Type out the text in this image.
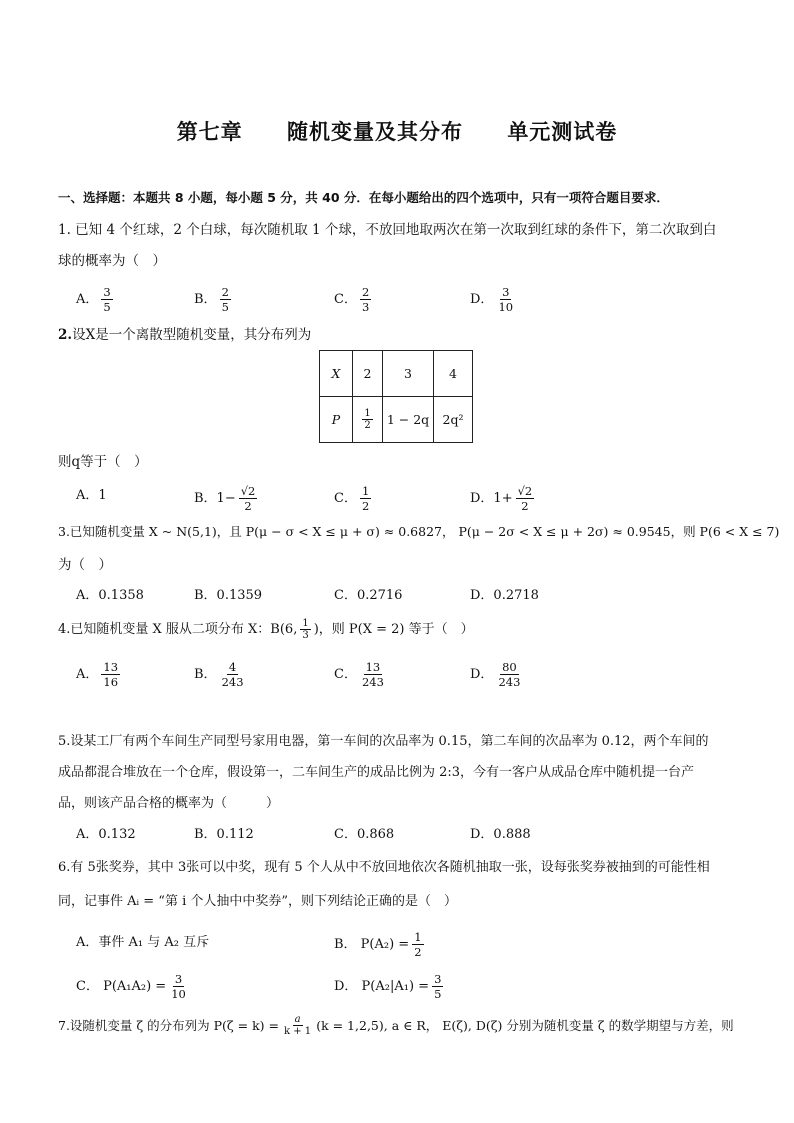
第七章 随机变量及其分布 单元测试卷
一、选择题：本题共 8 小题，每小题 5 分，共 40 分．在每小题给出的四个选项中，只有一项符合题目要求．
1. 已知 4 个红球，2 个白球，每次随机取 1 个球，不放回地取两次在第一次取到红球的条件下，第二次取到白
球的概率为（　）
A． $\frac{3}{5}$	B． $\frac{2}{5}$	C． $\frac{2}{3}$	D． $\frac{3}{10}$
2.设X是一个离散型随机变量，其分布列为
X	2	3	4
P	$\frac{1}{2}$	1 − 2q	2q²
则q等于（　）
A．1	B．$1- \frac{√2}{2}$	C． $\frac{1}{2}$	D．$1+ \frac{√2}{2}$
3.已知随机变量 X ~ N(5,1)，且 P(μ − σ < X ≤ μ + σ) ≈ 0.6827， P(μ − 2σ < X ≤ μ + 2σ) ≈ 0.9545，则 P(6 < X ≤ 7)
为（　）
A．0.1358	B．0.1359	C．0.2716	D．0.2718
4.已知随机变量 X 服从二项分布 X：B(6, $\frac{1}{3}$ )，则 P(X = 2) 等于（　）
A． $\frac{13}{16}$	B． $\frac{4}{243}$	C． $\frac{13}{243}$	D． $\frac{80}{243}$
5.设某工厂有两个车间生产同型号家用电器，第一车间的次品率为 0.15，第二车间的次品率为 0.12，两个车间的
成品都混合堆放在一个仓库，假设第一，二车间生产的成品比例为 2:3，今有一客户从成品仓库中随机提一台产
品，则该产品合格的概率为（　　　）
A．0.132	B．0.112	C．0.868	D．0.888
6.有 5张奖券，其中 3张可以中奖，现有 5 个人从中不放回地依次各随机抽取一张，设每张奖券被抽到的可能性相
同，记事件 Aᵢ = “第 i 个人抽中中奖券”，则下列结论正确的是（　）
A．事件 A₁ 与 A₂ 互斥	B． $P(A_2) = \frac{1}{2}$
C． $P(A_1A_2) = \frac{3}{10}$	D． $P(A_2|A_1) = \frac{3}{5}$
7.设随机变量 ζ 的分布列为 $P(\zeta = k) = \frac{a}{k + 1} (k = 1,2,5)$, a ∈ R， E(ζ), D(ζ) 分别为随机变量 ζ 的数学期望与方差，则
